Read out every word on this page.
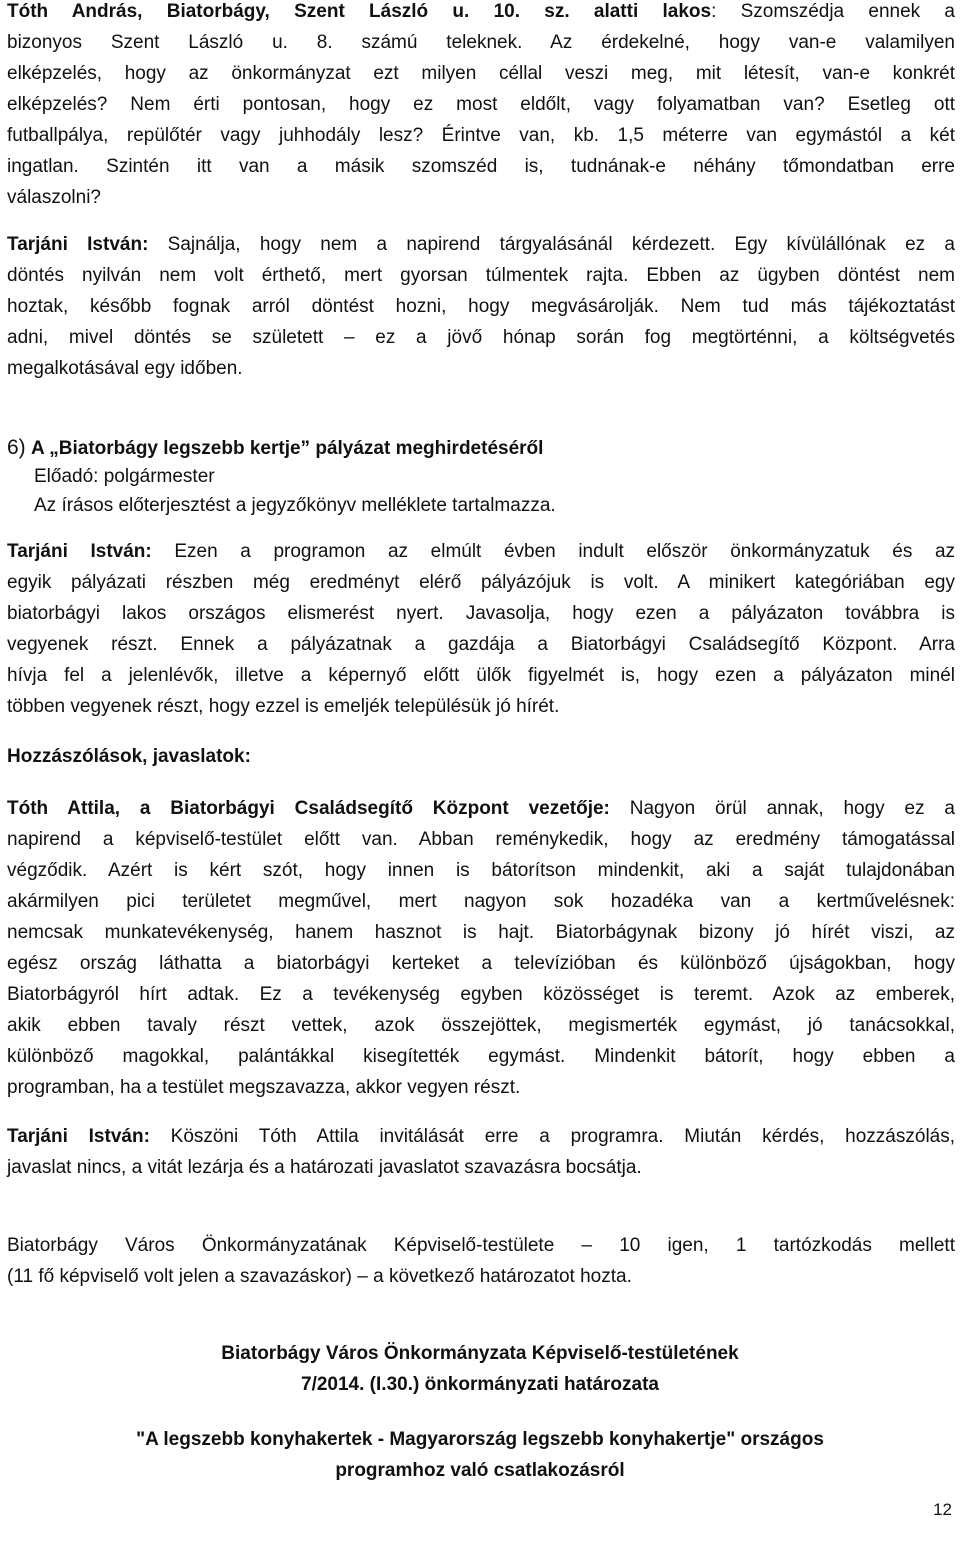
Tóth András, Biatorbágy, Szent László u. 10. sz. alatti lakos: Szomszédja ennek a
bizonyos Szent László u. 8. számú teleknek. Az érdekelné, hogy van-e valamilyen
elképzelés, hogy az önkormányzat ezt milyen céllal veszi meg, mit létesít, van-e konkrét
elképzelés? Nem érti pontosan, hogy ez most eldőlt, vagy folyamatban van? Esetleg ott
futballpálya, repülőtér vagy juhhodály lesz? Érintve van, kb. 1,5 méterre van egymástól a két
ingatlan. Szintén itt van a másik szomszéd is, tudnának-e néhány tőmondatban erre
válaszolni?
Tarjáni István: Sajnálja, hogy nem a napirend tárgyalásánál kérdezett. Egy kívülállónak ez a
döntés nyilván nem volt érthető, mert gyorsan túlmentek rajta. Ebben az ügyben döntést nem
hoztak, később fognak arról döntést hozni, hogy megvásárolják. Nem tud más tájékoztatást
adni, mivel döntés se született – ez a jövő hónap során fog megtörténni, a költségvetés
megalkotásával egy időben.
6) A „Biatorbágy legszebb kertje” pályázat meghirdetéséről
Előadó: polgármester
Az írásos előterjesztést a jegyzőkönyv melléklete tartalmazza.
Tarjáni István: Ezen a programon az elmúlt évben indult először önkormányzatuk és az
egyik pályázati részben még eredményt elérő pályázójuk is volt. A minikert kategóriában egy
biatorbágyi lakos országos elismerést nyert. Javasolja, hogy ezen a pályázaton továbbra is
vegyenek részt. Ennek a pályázatnak a gazdája a Biatorbágyi Családsegítő Központ. Arra
hívja fel a jelenlévők, illetve a képernyő előtt ülők figyelmét is, hogy ezen a pályázaton minél
többen vegyenek részt, hogy ezzel is emeljék településük jó hírét.
Hozzászólások, javaslatok:
Tóth Attila, a Biatorbágyi Családsegítő Központ vezetője: Nagyon örül annak, hogy ez a
napirend a képviselő-testület előtt van. Abban reménykedik, hogy az eredmény támogatással
végződik. Azért is kért szót, hogy innen is bátorítson mindenkit, aki a saját tulajdonában
akármilyen pici területet megművel, mert nagyon sok hozadéka van a kertművelésnek:
nemcsak munkatevékenység, hanem hasznot is hajt. Biatorbágynak bizony jó hírét viszi, az
egész ország láthatta a biatorbágyi kerteket a televízióban és különböző újságokban, hogy
Biatorbágyról hírt adtak. Ez a tevékenység egyben közösséget is teremt. Azok az emberek,
akik ebben tavaly részt vettek, azok összejöttek, megismerték egymást, jó tanácsokkal,
különböző magokkal, palántákkal kisegítették egymást. Mindenkit bátorít, hogy ebben a
programban, ha a testület megszavazza, akkor vegyen részt.
Tarjáni István: Köszöni Tóth Attila invitálását erre a programra. Miután kérdés, hozzászólás,
javaslat nincs, a vitát lezárja és a határozati javaslatot szavazásra bocsátja.
Biatorbágy Város Önkormányzatának Képviselő-testülete – 10 igen, 1 tartózkodás mellett
(11 fő képviselő volt jelen a szavazáskor) – a következő határozatot hozta.
Biatorbágy Város Önkormányzata Képviselő-testületének
7/2014. (I.30.) önkormányzati határozata
"A legszebb konyhakertek - Magyarország legszebb konyhakertje" országos
programhoz való csatlakozásról
12
